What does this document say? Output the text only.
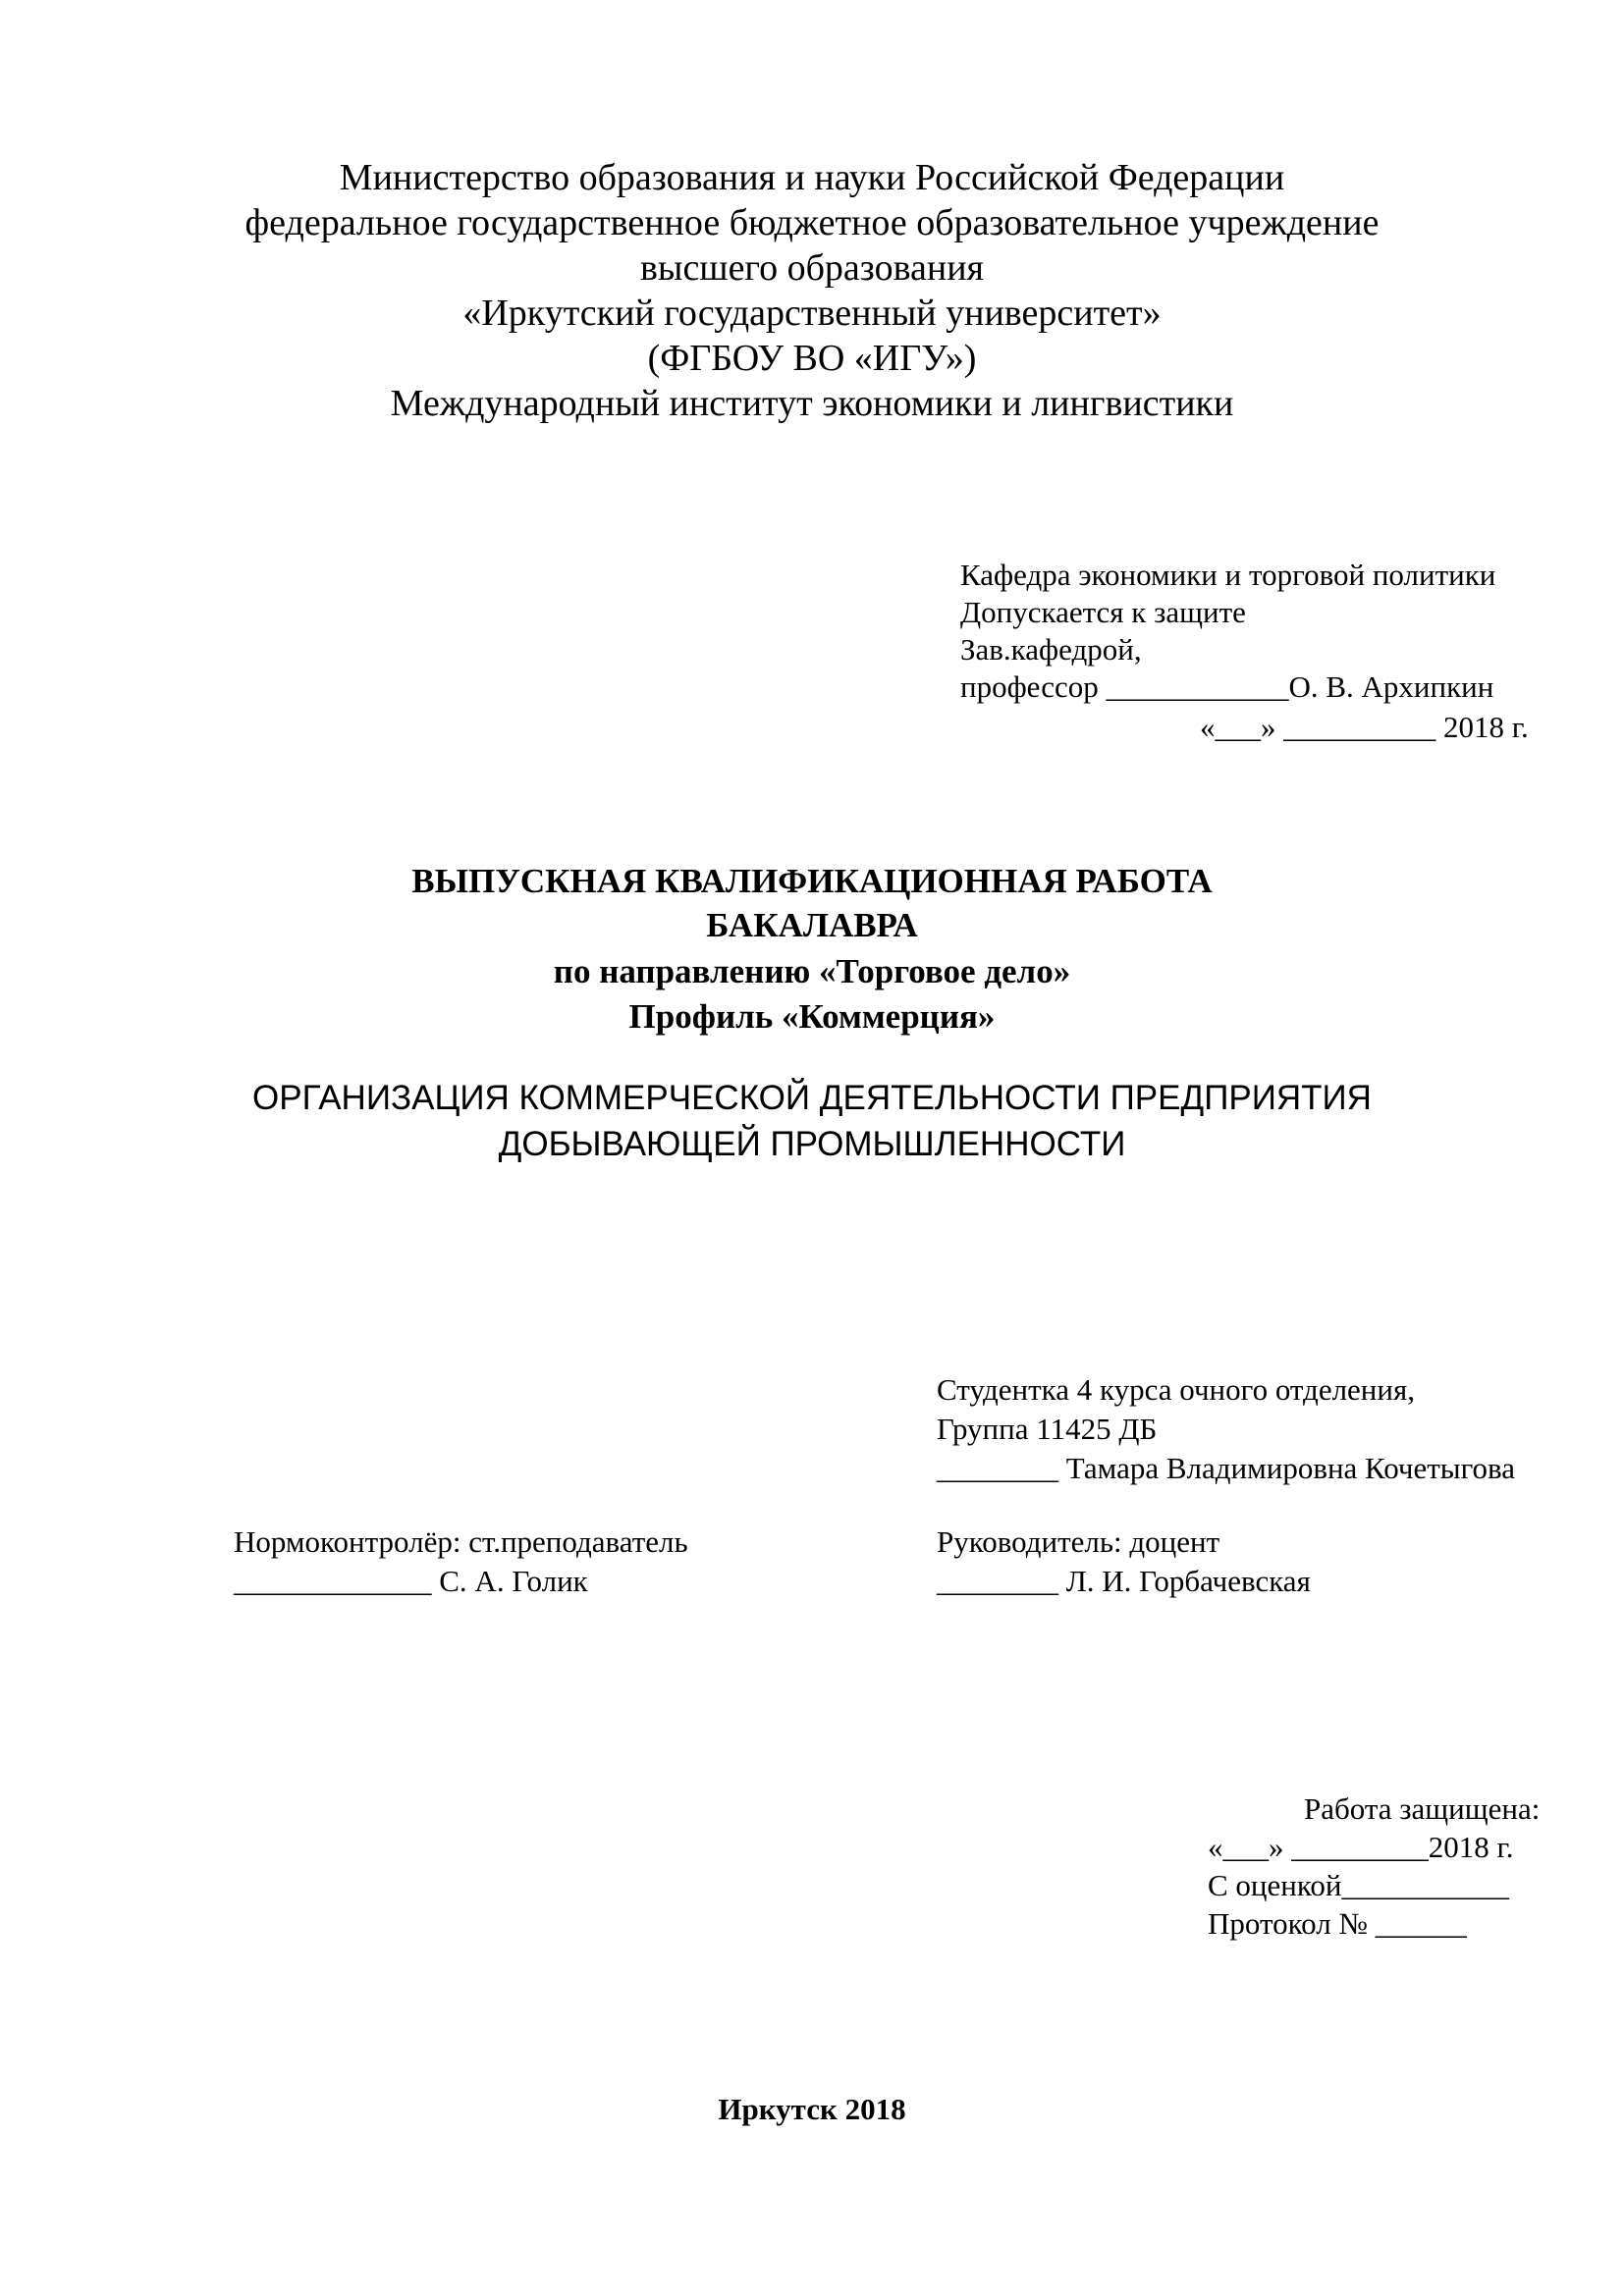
Министерство образования и науки Российской Федерации
федеральное государственное бюджетное образовательное учреждение
высшего образования
«Иркутский государственный университет»
(ФГБОУ ВО «ИГУ»)
Международный институт экономики и лингвистики
Кафедра экономики и торговой политики
Допускается к защите
Зав.кафедрой,
профессор ____________О. В. Архипкин
«___» __________ 2018 г.
ВЫПУСКНАЯ КВАЛИФИКАЦИОННАЯ РАБОТА
БАКАЛАВРА
по направлению «Торговое дело»
Профиль «Коммерция»
ОРГАНИЗАЦИЯ КОММЕРЧЕСКОЙ ДЕЯТЕЛЬНОСТИ ПРЕДПРИЯТИЯ
ДОБЫВАЮЩЕЙ ПРОМЫШЛЕННОСТИ
Студентка 4 курса очного отделения,
Группа 11425 ДБ
________ Тамара Владимировна Кочетыгова
Нормоконтролёр: ст.преподаватель
_____________ С. А. Голик
Руководитель: доцент
________ Л. И. Горбачевская
Работа защищена:
«___» _________2018 г.
С оценкой___________
Протокол № ______
Иркутск 2018
